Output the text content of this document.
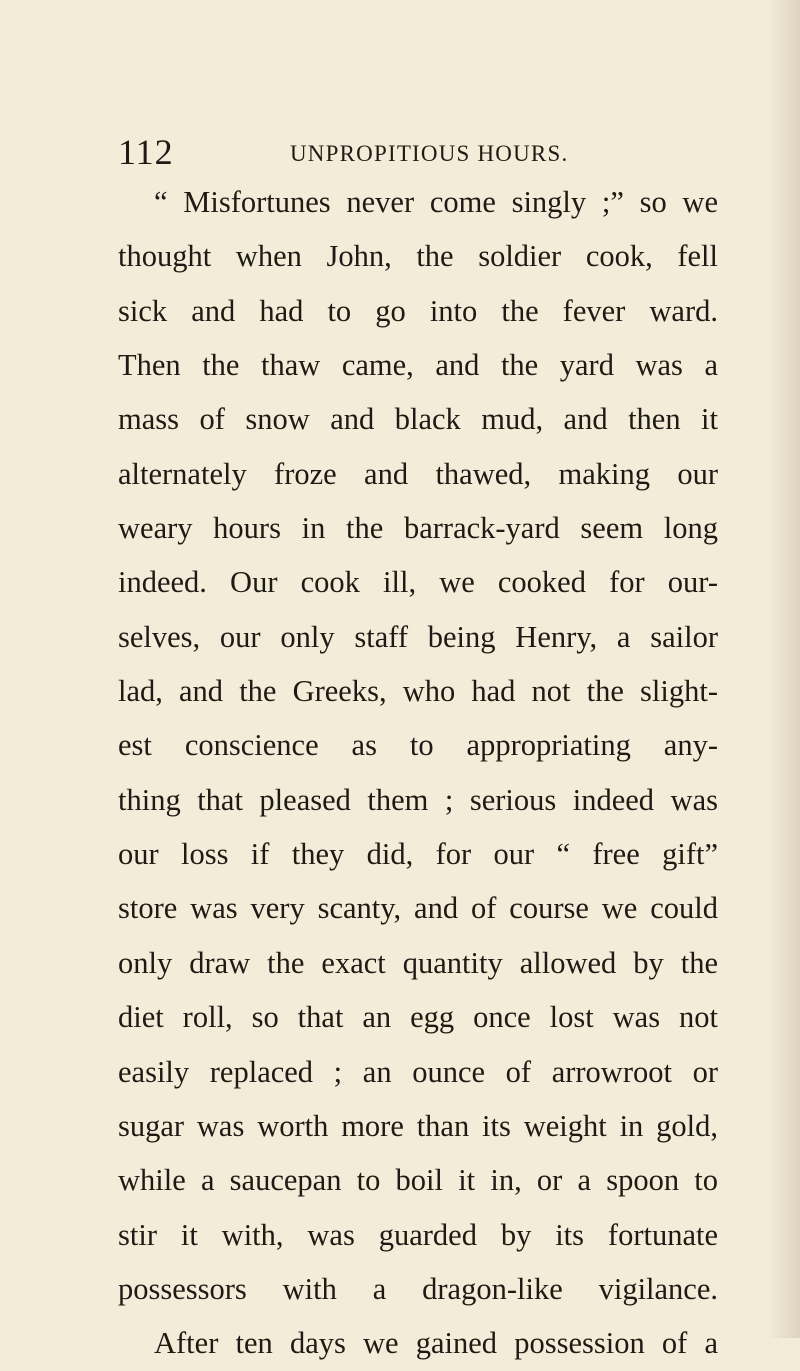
112	UNPROPITIOUS HOURS.
“ Misfortunes never come singly ;” so we
thought when John, the soldier cook, fell
sick and had to go into the fever ward.
Then the thaw came, and the yard was a
mass of snow and black mud, and then it
alternately froze and thawed, making our
weary hours in the barrack-yard seem long
indeed. Our cook ill, we cooked for our-
selves, our only staff being Henry, a sailor
lad, and the Greeks, who had not the slight-
est conscience as to appropriating any-
thing that pleased them ; serious indeed was
our loss if they did, for our “ free gift”
store was very scanty, and of course we could
only draw the exact quantity allowed by the
diet roll, so that an egg once lost was not
easily replaced ; an ounce of arrowroot or
sugar was worth more than its weight in gold,
while a saucepan to boil it in, or a spoon to
stir it with, was guarded by its fortunate
possessors with a dragon-like vigilance.
After ten days we gained possession of a
